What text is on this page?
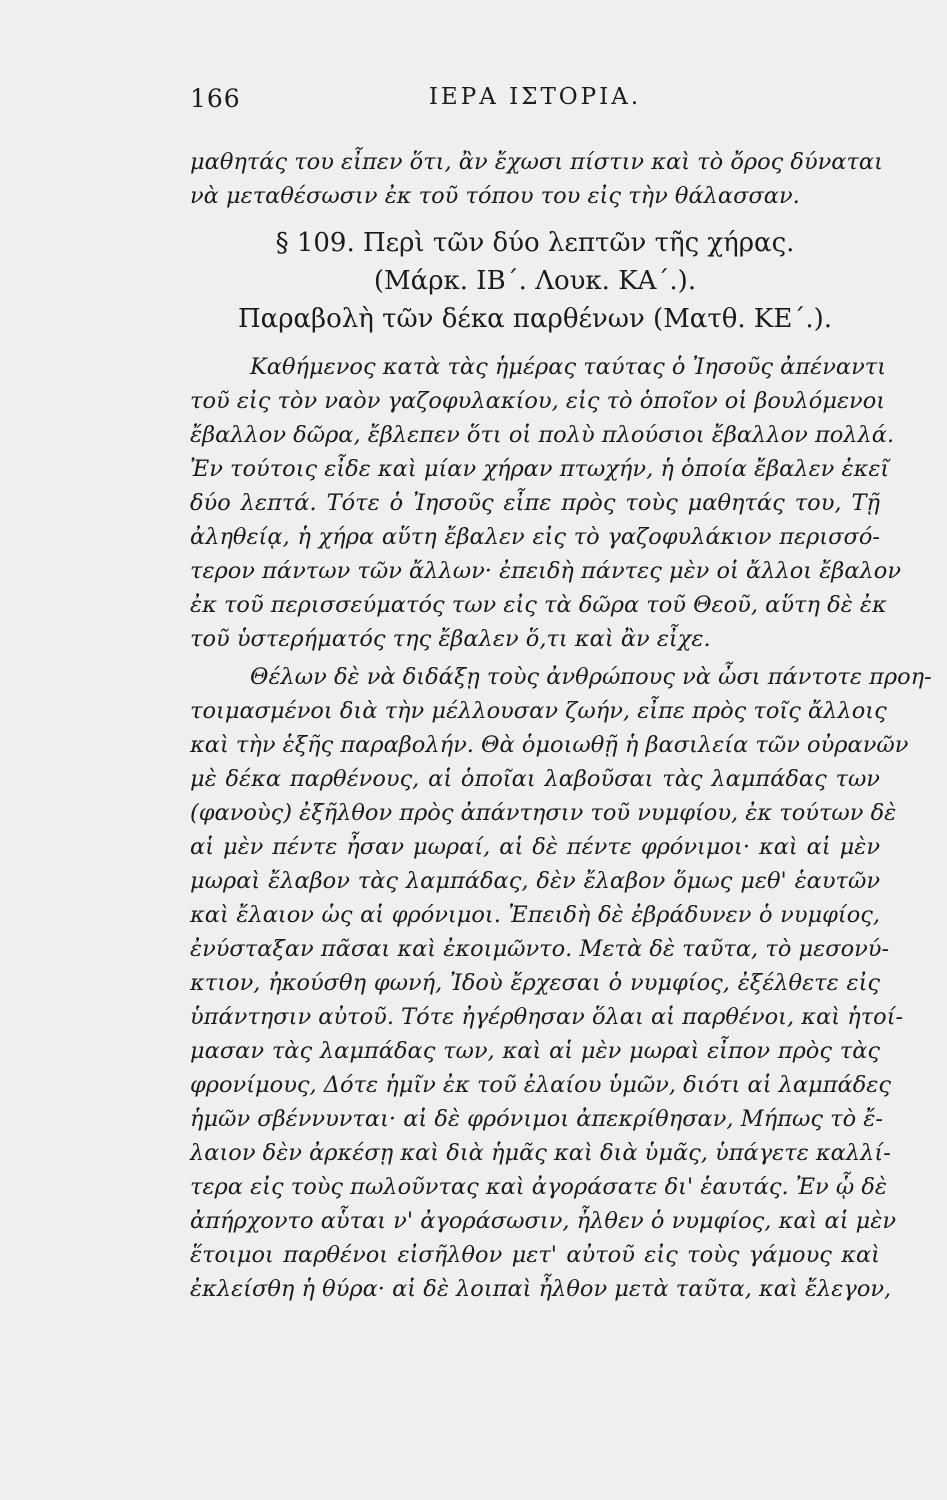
166	ΙΕΡΑ ΙΣΤΟΡΙΑ.
μαθητάς του εἶπεν ὅτι, ἂν ἔχωσι πίστιν καὶ τὸ ὄρος δύναται
νὰ μεταθέσωσιν ἐκ τοῦ τόπου του εἰς τὴν θάλασσαν.
§ 109. Περὶ τῶν δύο λεπτῶν τῆς χήρας.
(Μάρκ. ΙΒ΄. Λουκ. ΚΑ΄.).
Παραβολὴ τῶν δέκα παρθένων (Ματθ. ΚΕ΄.).
Καθήμενος κατὰ τὰς ἡμέρας ταύτας ὁ Ἰησοῦς ἀπέναντι
τοῦ εἰς τὸν ναὸν γαζοφυλακίου, εἰς τὸ ὁποῖον οἱ βουλόμενοι
ἔβαλλον δῶρα, ἔβλεπεν ὅτι οἱ πολὺ πλούσιοι ἔβαλλον πολλά.
Ἐν τούτοις εἶδε καὶ μίαν χήραν πτωχήν, ἡ ὁποία ἔβαλεν ἐκεῖ
δύο λεπτά. Τότε ὁ Ἰησοῦς εἶπε πρὸς τοὺς μαθητάς του, Τῇ
ἀληθείᾳ, ἡ χήρα αὕτη ἔβαλεν εἰς τὸ γαζοφυλάκιον περισσό-
τερον πάντων τῶν ἄλλων· ἐπειδὴ πάντες μὲν οἱ ἄλλοι ἔβαλον
ἐκ τοῦ περισσεύματός των εἰς τὰ δῶρα τοῦ Θεοῦ, αὕτη δὲ ἐκ
τοῦ ὑστερήματός της ἔβαλεν ὅ,τι καὶ ἂν εἶχε.
Θέλων δὲ νὰ διδάξῃ τοὺς ἀνθρώπους νὰ ὦσι πάντοτε προη-
τοιμασμένοι διὰ τὴν μέλλουσαν ζωήν, εἶπε πρὸς τοῖς ἄλλοις
καὶ τὴν ἑξῆς παραβολήν. Θὰ ὁμοιωθῇ ἡ βασιλεία τῶν οὐρανῶν
μὲ δέκα παρθένους, αἱ ὁποῖαι λαβοῦσαι τὰς λαμπάδας των
(φανοὺς) ἐξῆλθον πρὸς ἀπάντησιν τοῦ νυμφίου, ἐκ τούτων δὲ
αἱ μὲν πέντε ἦσαν μωραί, αἱ δὲ πέντε φρόνιμοι· καὶ αἱ μὲν
μωραὶ ἔλαβον τὰς λαμπάδας, δὲν ἔλαβον ὅμως μεθ' ἑαυτῶν
καὶ ἔλαιον ὡς αἱ φρόνιμοι. Ἐπειδὴ δὲ ἐβράδυνεν ὁ νυμφίος,
ἐνύσταξαν πᾶσαι καὶ ἐκοιμῶντο. Μετὰ δὲ ταῦτα, τὸ μεσονύ-
κτιον, ἠκούσθη φωνή, Ἰδοὺ ἔρχεσαι ὁ νυμφίος, ἐξέλθετε εἰς
ὑπάντησιν αὐτοῦ. Τότε ἠγέρθησαν ὅλαι αἱ παρθένοι, καὶ ἡτοί-
μασαν τὰς λαμπάδας των, καὶ αἱ μὲν μωραὶ εἶπον πρὸς τὰς
φρονίμους, Δότε ἡμῖν ἐκ τοῦ ἐλαίου ὑμῶν, διότι αἱ λαμπάδες
ἡμῶν σβέννυνται· αἱ δὲ φρόνιμοι ἀπεκρίθησαν, Μήπως τὸ ἔ-
λαιον δὲν ἀρκέσῃ καὶ διὰ ἡμᾶς καὶ διὰ ὑμᾶς, ὑπάγετε καλλί-
τερα εἰς τοὺς πωλοῦντας καὶ ἀγοράσατε δι' ἑαυτάς. Ἐν ᾧ δὲ
ἀπήρχοντο αὗται ν' ἀγοράσωσιν, ἦλθεν ὁ νυμφίος, καὶ αἱ μὲν
ἕτοιμοι παρθένοι εἰσῆλθον μετ' αὐτοῦ εἰς τοὺς γάμους καὶ
ἐκλείσθη ἡ θύρα· αἱ δὲ λοιπαὶ ἦλθον μετὰ ταῦτα, καὶ ἔλεγον,
